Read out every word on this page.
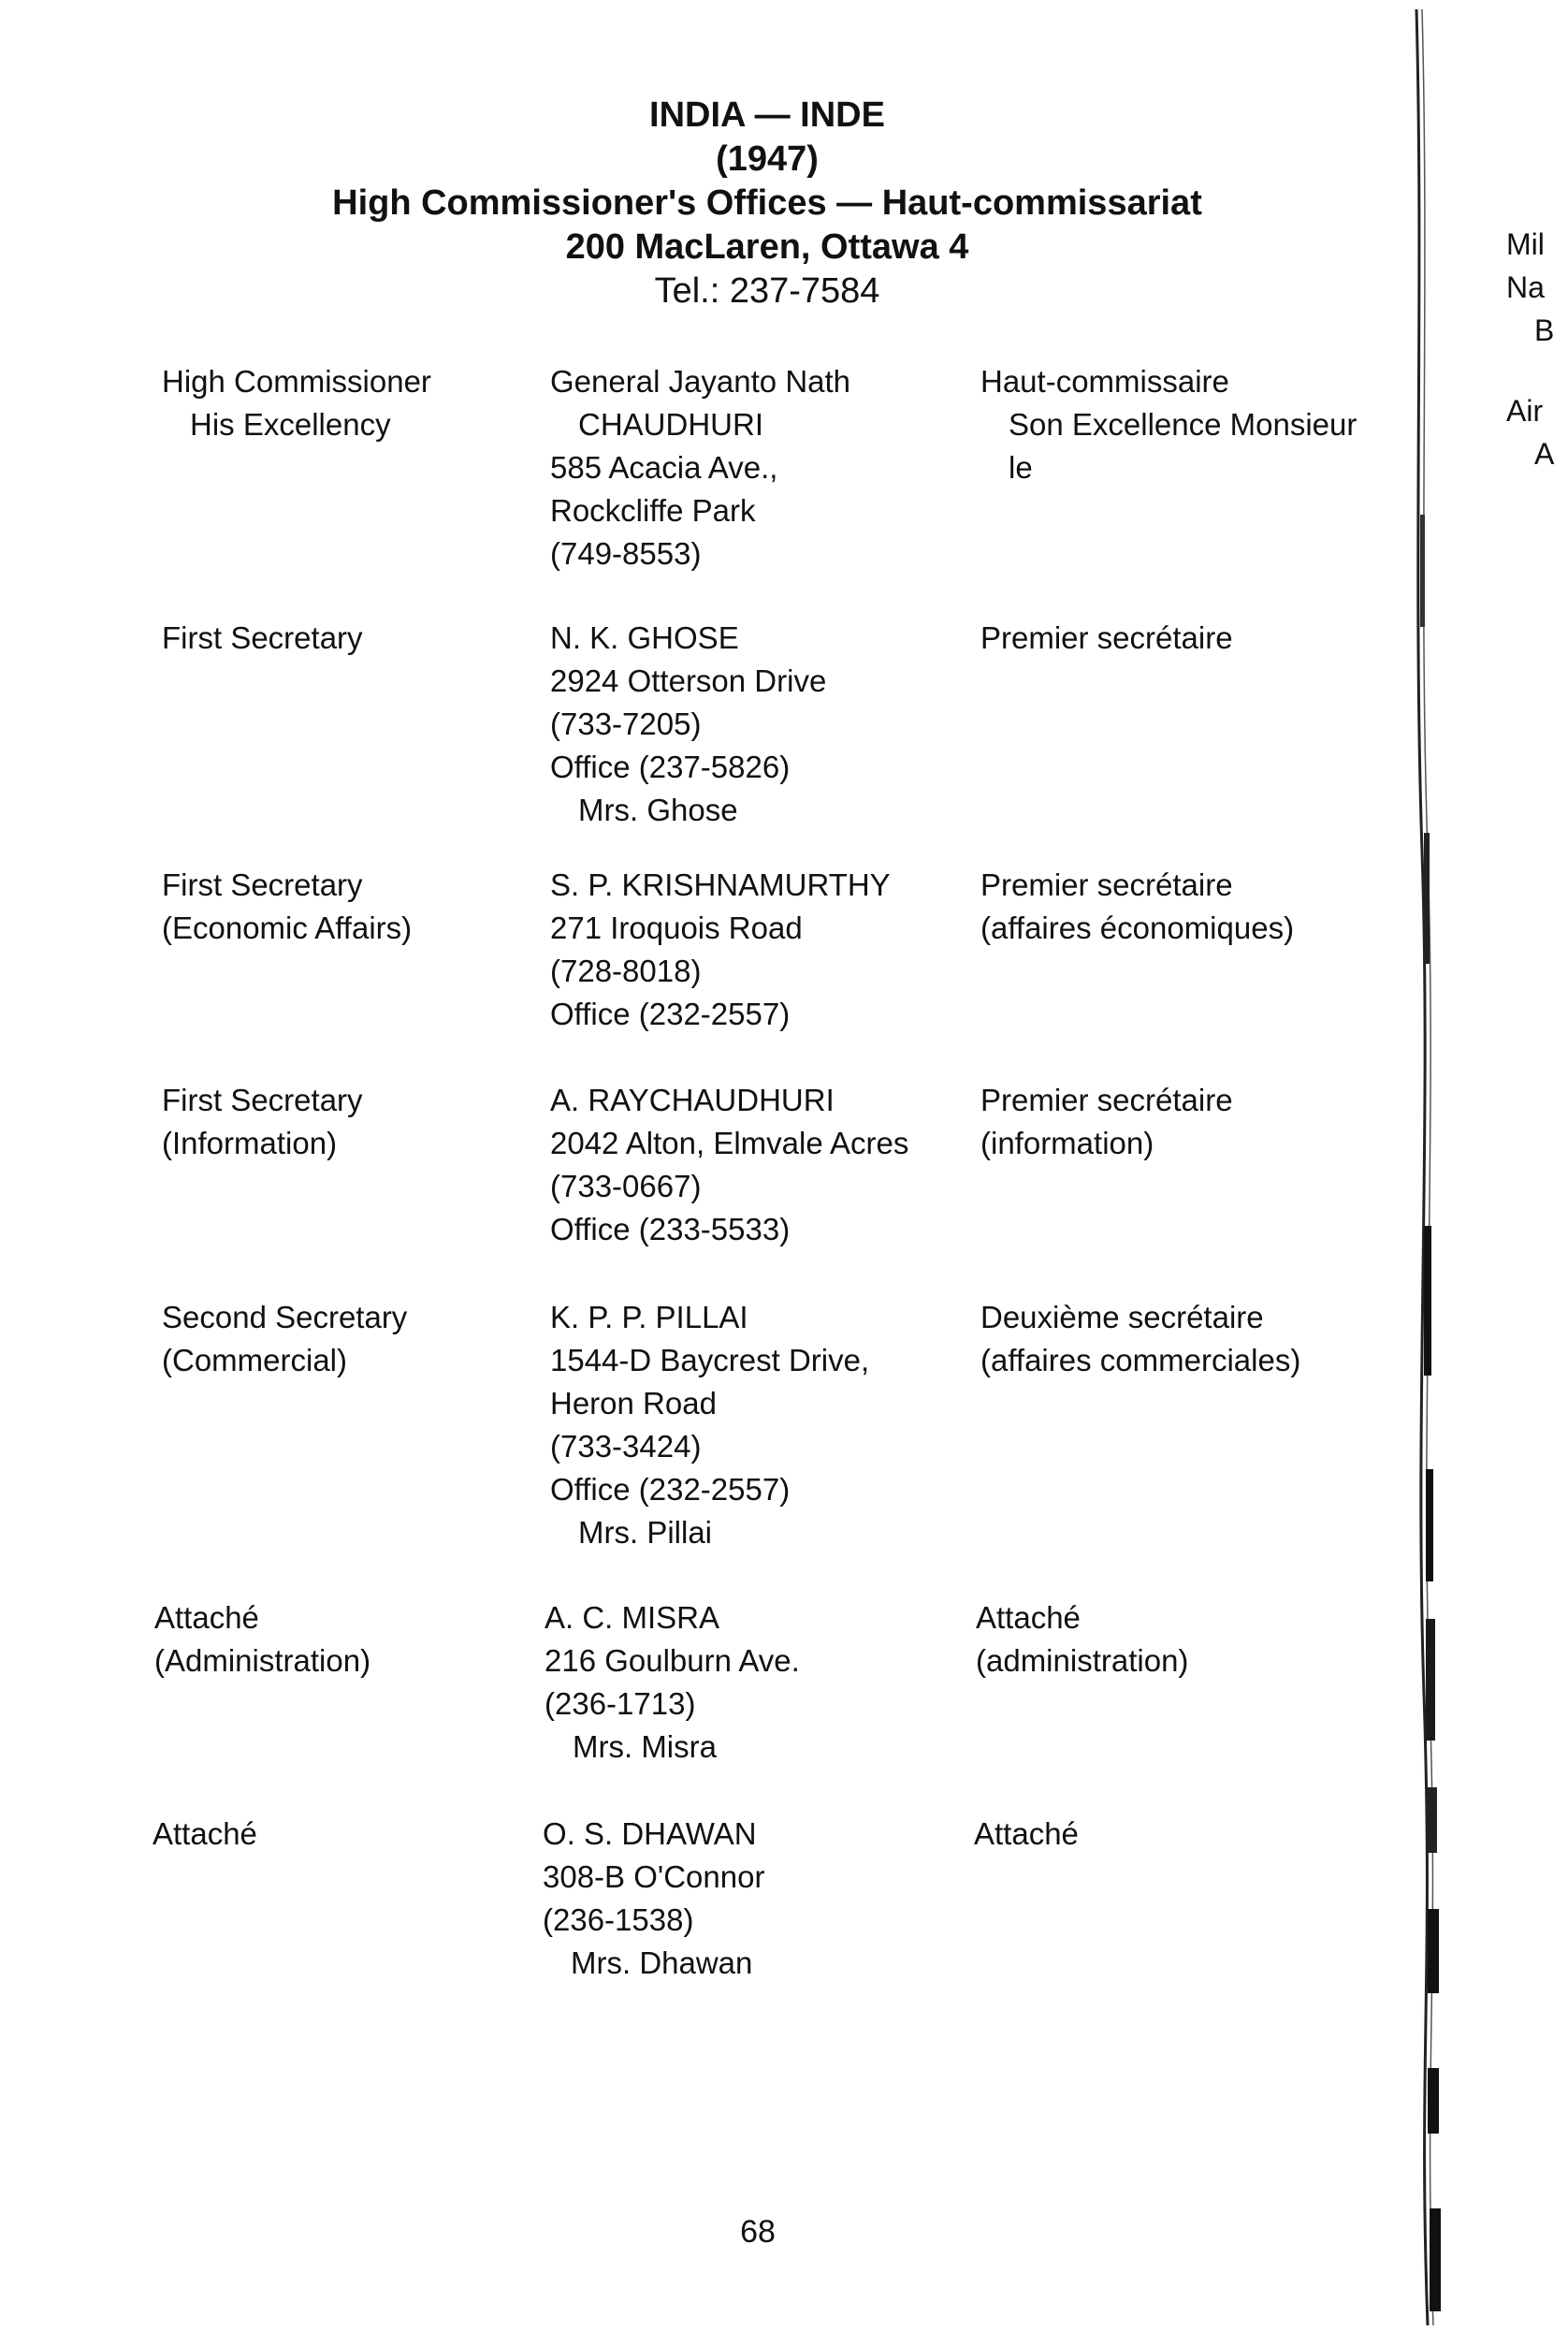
INDIA — INDE
(1947)
High Commissioner's Offices — Haut-commissariat
200 MacLaren, Ottawa 4
Tel.: 237-7584
High Commissioner
His Excellency
General Jayanto Nath
CHAUDHURI
585 Acacia Ave.,
Rockcliffe Park
(749-8553)
Haut-commissaire
Son Excellence Monsieur
le
First Secretary	N. K. GHOSE
2924 Otterson Drive
(733-7205)
Office (237-5826)
Mrs. Ghose
Premier secrétaire
First Secretary
(Economic Affairs)
S. P. KRISHNAMURTHY
271 Iroquois Road
(728-8018)
Office (232-2557)
Premier secrétaire
(affaires économiques)
First Secretary
(Information)
A. RAYCHAUDHURI
2042 Alton, Elmvale Acres
(733-0667)
Office (233-5533)
Premier secrétaire
(information)
Second Secretary
(Commercial)
K. P. P. PILLAI
1544-D Baycrest Drive,
Heron Road
(733-3424)
Office (232-2557)
Mrs. Pillai
Deuxième secrétaire
(affaires commerciales)
Attaché
(Administration)
A. C. MISRA
216 Goulburn Ave.
(236-1713)
Mrs. Misra
Attaché
(administration)
Attaché	O. S. DHAWAN
308-B O'Connor
(236-1538)
Mrs. Dhawan
Attaché
68
Mil
Na
B
Air
A
